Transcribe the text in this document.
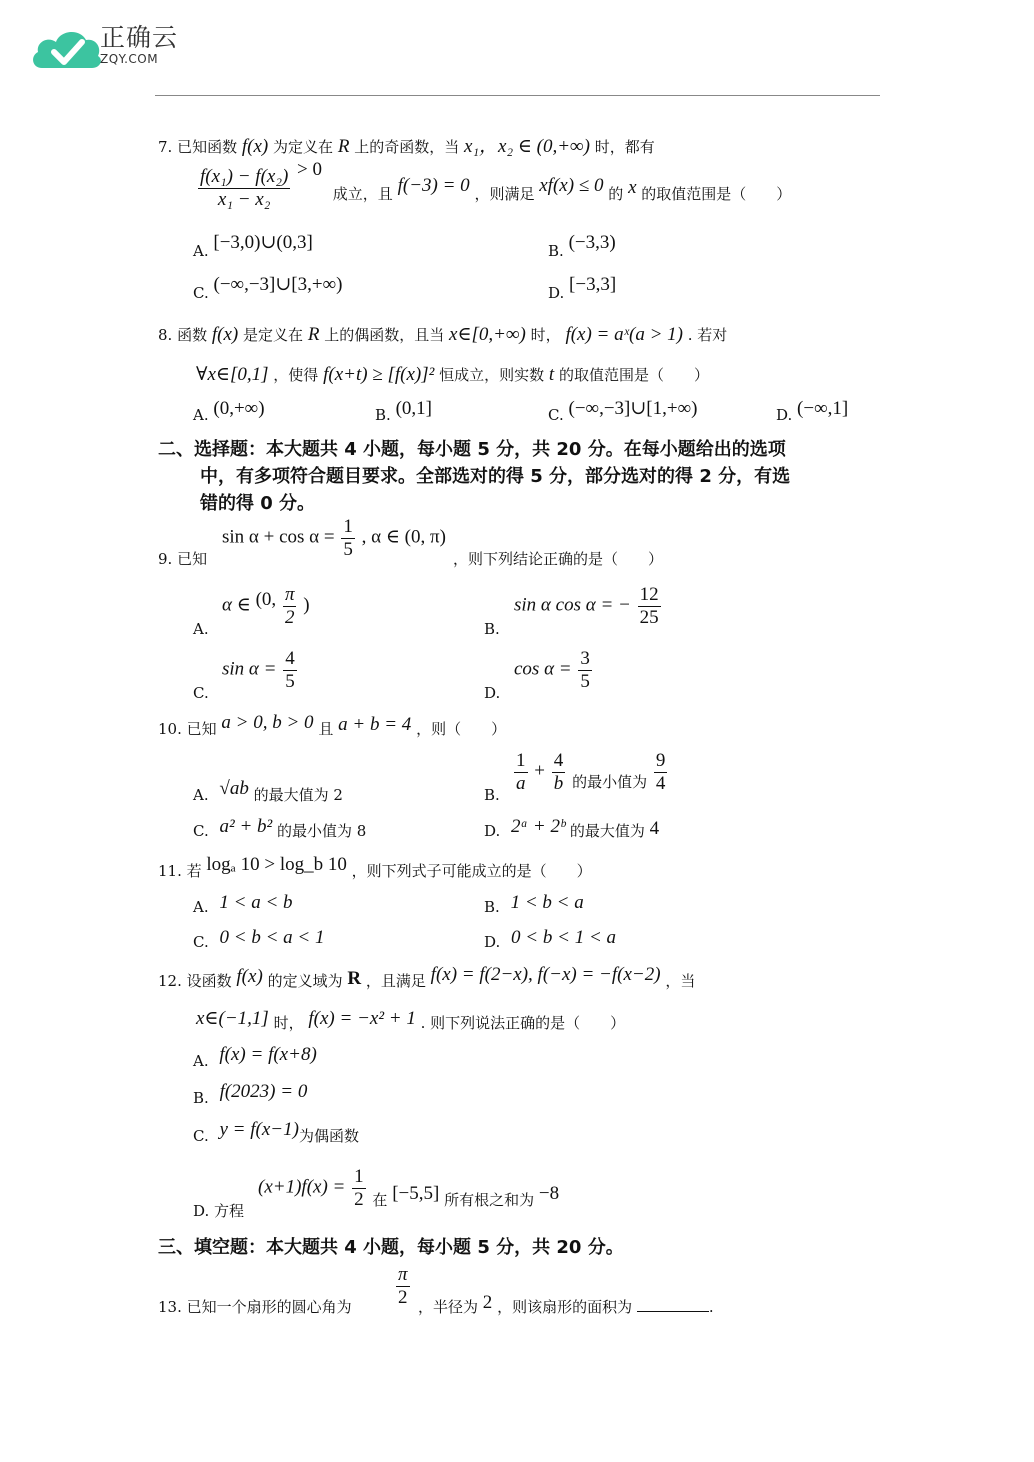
正确云
ZQY.COM
7. 已知函数 f(x) 为定义在 R 上的奇函数，当 x₁，x₂ ∈ (0,+∞) 时，都有
$\frac{\text{f(x₁) − f(x₂)}}{\text{x₁ − x₂}} > 0$ 成立，且 f(−3) = 0 ，则满足 xf(x) ≤ 0 的 x 的取值范围是（　　）
A. [−3,0)∪(0,3]	B. (−3,3)
C. (−∞,−3]∪[3,+∞)	D. [−3,3]
8. 函数 f(x) 是定义在 R 上的偶函数，且当 x∈[0,+∞) 时， f(x) = aˣ(a > 1) . 若对
∀x∈[0,1] ，使得 f(x+t) ≥ [f(x)]² 恒成立，则实数 t 的取值范围是（　　）
A. (0,+∞)	B. (0,1]	C. (−∞,−3]∪[1,+∞)	D. (−∞,1]
二、选择题：本大题共 4 小题，每小题 5 分，共 20 分。在每小题给出的选项
中，有多项符合题目要求。全部选对的得 5 分，部分选对的得 2 分，有选
错的得 0 分。
9. 已知
$\sin \alpha + \cos \alpha = \frac{1}{5}$ , α ∈ (0, π)
，则下列结论正确的是（　　）
A.
α ∈ (0, $\frac{\pi}{2}$ )
B.
sin α cos α = − $\frac{12}{25}$
C.
$\sin \alpha = \frac{4}{5}$	D.
$\cos \alpha = \frac{3}{5}$
10. 已知 a > 0, b > 0 且 a + b = 4 ，则（　　）
A. √ab 的最大值为 2	B. $\frac{1}{a} + \frac{4}{b}$ 的最小值为 $\frac{9}{4}$
C. a² + b² 的最小值为 8	D. 2ᵃ + 2ᵇ 的最大值为 4
11. 若 logₐ 10 > log_b 10 ，则下列式子可能成立的是（　　）
A. 1 < a < b	B. 1 < b < a
C. 0 < b < a < 1	D. 0 < b < 1 < a
12. 设函数 f(x) 的定义域为 R ，且满足 f(x) = f(2−x), f(−x) = −f(x−2) ，当
x∈(−1,1] 时， f(x) = −x² + 1 . 则下列说法正确的是（　　）
A. f(x) = f(x+8)
B. f(2023) = 0
C. y = f(x−1)为偶函数
D. 方程
$(x+1)f(x) = \frac{1}{2}$ 在 [−5,5] 所有根之和为 −8
三、填空题：本大题共 4 小题，每小题 5 分，共 20 分。
13. 已知一个扇形的圆心角为 $\frac{\pi}{2}$ ，半径为 2 ，则该扇形的面积为	.
